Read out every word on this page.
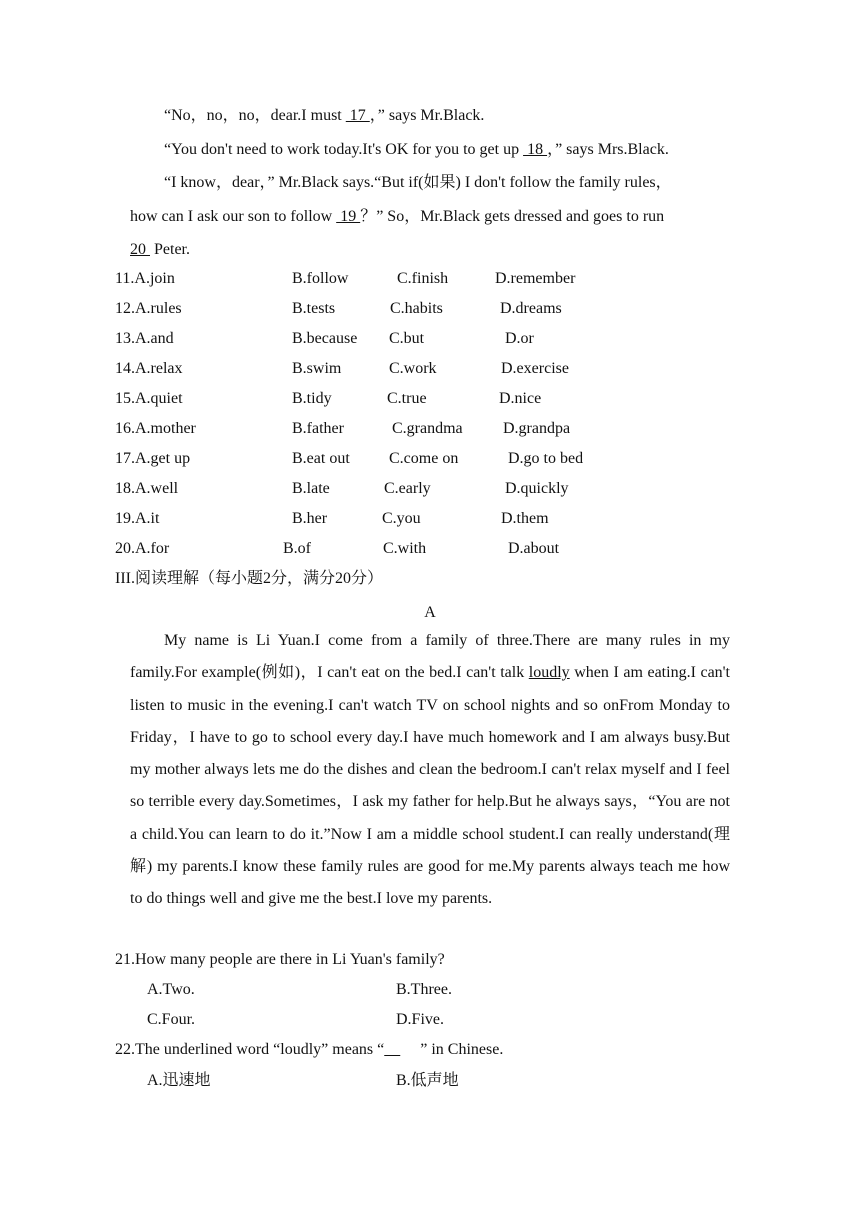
“No，no，no，dear.I must  17 ，” says Mr.Black.
“You don't need to work today.It's OK for you to get up  18 ，” says Mrs.Black.
“I know，dear，” Mr.Black says.“But if(如果) I don't follow the family rules，
how can I ask our son to follow  19 ？” So，Mr.Black gets dressed and goes to run
20  Peter.
11.A.join	B.follow	C.finish	D.remember
12.A.rules	B.tests	C.habits	D.dreams
13.A.and	B.because C.but	D.or
14.A.relax	B.swim	C.work	D.exercise
15.A.quiet	B.tidy	C.true	D.nice
16.A.mother	B.father	C.grandma	D.grandpa
17.A.get up	B.eat out C.come on	D.go to bed
18.A.well	B.late	C.early	D.quickly
19.A.it	B.her	C.you	D.them
20.A.for	B.of	C.with	D.about
III.阅读理解（每小题2分，满分20分）
A
My name is Li Yuan.I come from a family of three.There are many rules in my family.For example(例如)，I can't eat on the bed.I can't talk loudly when I am eating.I can't listen to music in the evening.I can't watch TV on school nights and so onFrom Monday to Friday，I have to go to school every day.I have much homework and I am always busy.But my mother always lets me do the dishes and clean the bedroom.I can't relax myself and I feel so terrible every day.Sometimes，I ask my father for help.But he always says，“You are not a child.You can learn to do it.”Now I am a middle school student.I can really understand(理解) my parents.I know these family rules are good for me.My parents always teach me how to do things well and give me the best.I love my parents.
21.How many people are there in Li Yuan's family?
A.Two.	B.Three.
C.Four.	D.Five.
22.The underlined word “loudly” means “ ” in Chinese.
A.迅速地	B.低声地
